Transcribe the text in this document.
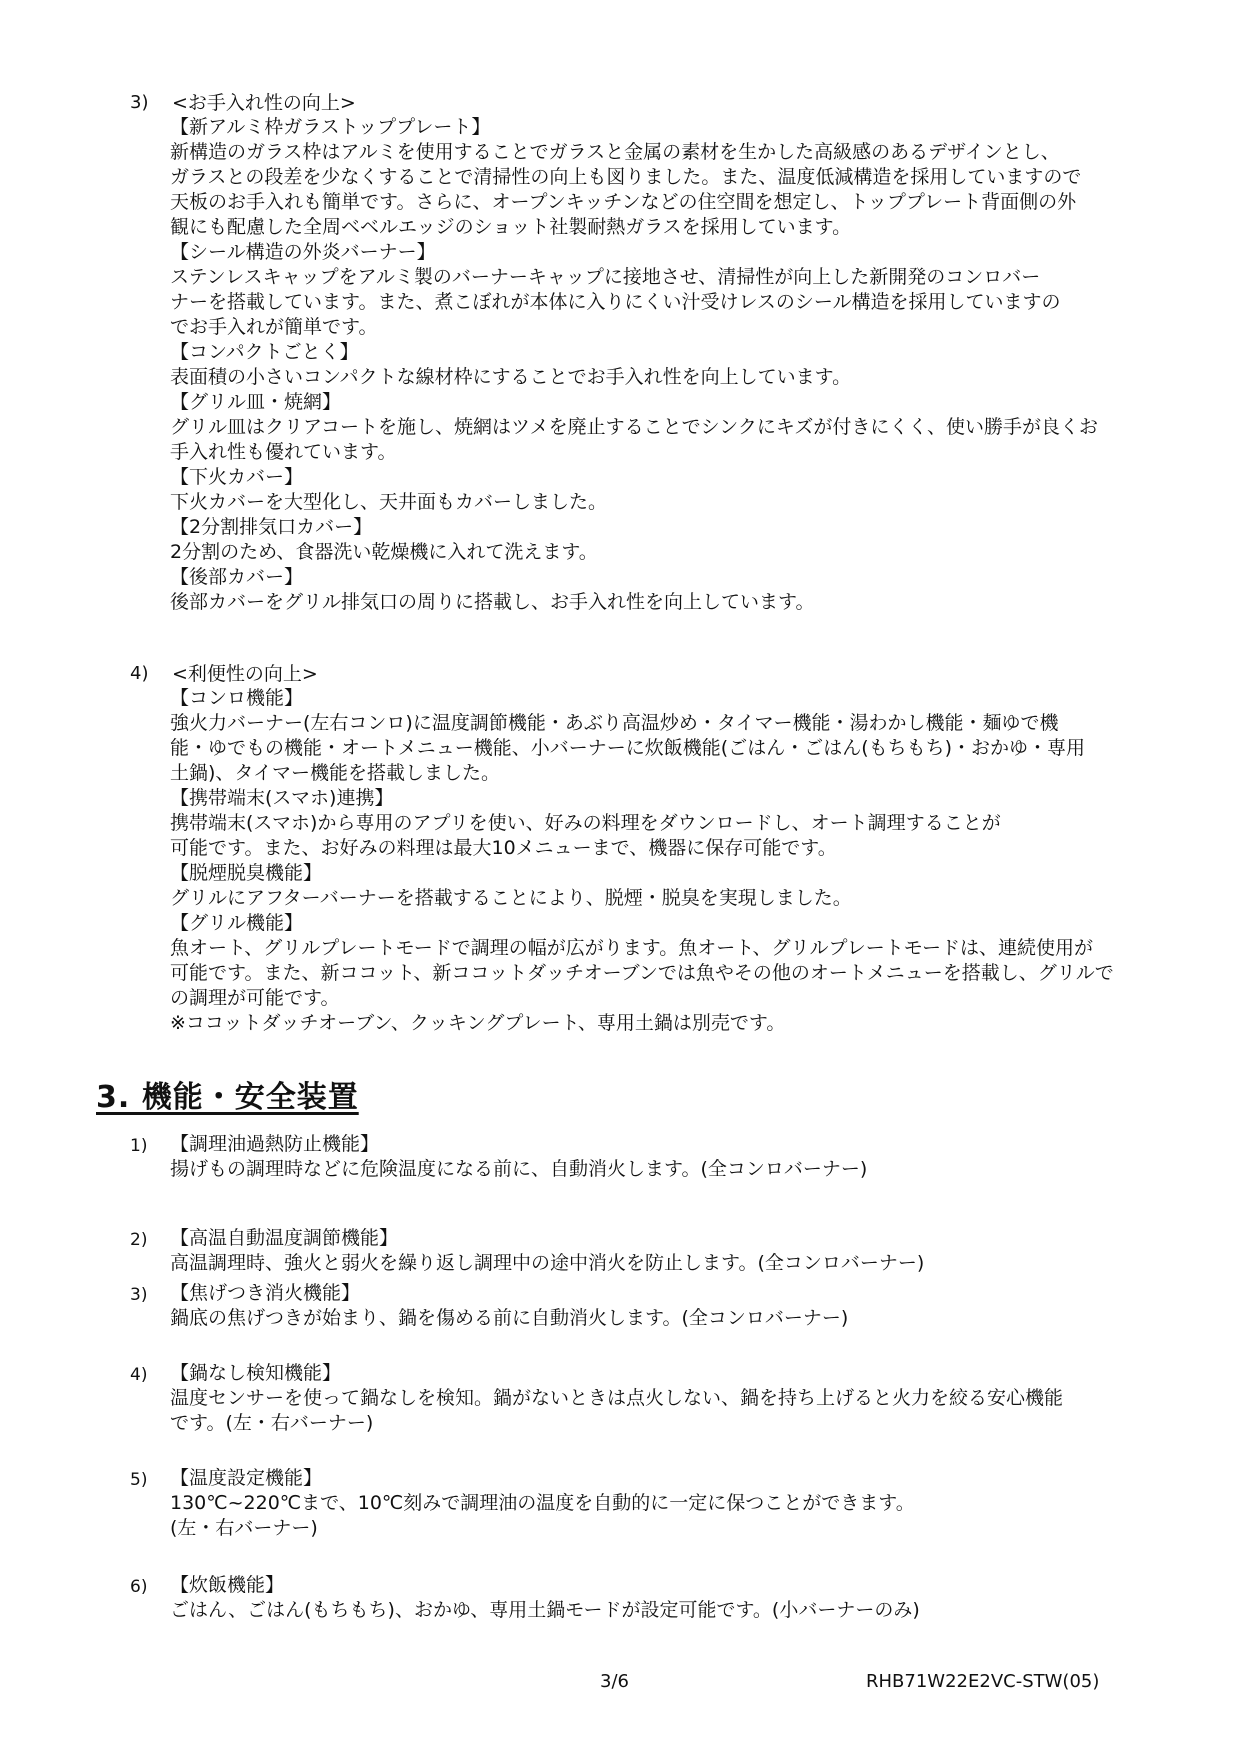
3) <お手入れ性の向上>
【新アルミ枠ガラストッププレート】
新構造のガラス枠はアルミを使用することでガラスと金属の素材を生かした高級感のあるデザインとし、
ガラスとの段差を少なくすることで清掃性の向上も図りました。また、温度低減構造を採用していますので
天板のお手入れも簡単です。さらに、オープンキッチンなどの住空間を想定し、トッププレート背面側の外
観にも配慮した全周ベベルエッジのショット社製耐熱ガラスを採用しています。
【シール構造の外炎バーナー】
ステンレスキャップをアルミ製のバーナーキャップに接地させ、清掃性が向上した新開発のコンロバー
ナーを搭載しています。また、煮こぼれが本体に入りにくい汁受けレスのシール構造を採用していますの
でお手入れが簡単です。
【コンパクトごとく】
表面積の小さいコンパクトな線材枠にすることでお手入れ性を向上しています。
【グリル皿・焼網】
グリル皿はクリアコートを施し、焼網はツメを廃止することでシンクにキズが付きにくく、使い勝手が良くお
手入れ性も優れています。
【下火カバー】
下火カバーを大型化し、天井面もカバーしました。
【2分割排気口カバー】
2分割のため、食器洗い乾燥機に入れて洗えます。
【後部カバー】
後部カバーをグリル排気口の周りに搭載し、お手入れ性を向上しています。
4) <利便性の向上>
【コンロ機能】
強火力バーナー(左右コンロ)に温度調節機能・あぶり高温炒め・タイマー機能・湯わかし機能・麺ゆで機
能・ゆでもの機能・オートメニュー機能、小バーナーに炊飯機能(ごはん・ごはん(もちもち)・おかゆ・専用
土鍋)、タイマー機能を搭載しました。
【携帯端末(スマホ)連携】
携帯端末(スマホ)から専用のアプリを使い、好みの料理をダウンロードし、オート調理することが
可能です。また、お好みの料理は最大10メニューまで、機器に保存可能です。
【脱煙脱臭機能】
グリルにアフターバーナーを搭載することにより、脱煙・脱臭を実現しました。
【グリル機能】
魚オート、グリルプレートモードで調理の幅が広がります。魚オート、グリルプレートモードは、連続使用が
可能です。また、新ココット、新ココットダッチオーブンでは魚やその他のオートメニューを搭載し、グリルで
の調理が可能です。
※ココットダッチオーブン、クッキングプレート、専用土鍋は別売です。
3. 機能・安全装置
1) 【調理油過熱防止機能】
揚げもの調理時などに危険温度になる前に、自動消火します。(全コンロバーナー)
2) 【高温自動温度調節機能】
高温調理時、強火と弱火を繰り返し調理中の途中消火を防止します。(全コンロバーナー)
3) 【焦げつき消火機能】
鍋底の焦げつきが始まり、鍋を傷める前に自動消火します。(全コンロバーナー)
4) 【鍋なし検知機能】
温度センサーを使って鍋なしを検知。鍋がないときは点火しない、鍋を持ち上げると火力を絞る安心機能
です。(左・右バーナー)
5) 【温度設定機能】
130℃~220℃まで、10℃刻みで調理油の温度を自動的に一定に保つことができます。
(左・右バーナー)
6) 【炊飯機能】
ごはん、ごはん(もちもち)、おかゆ、専用土鍋モードが設定可能です。(小バーナーのみ)
3/6	RHB71W22E2VC-STW(05)
